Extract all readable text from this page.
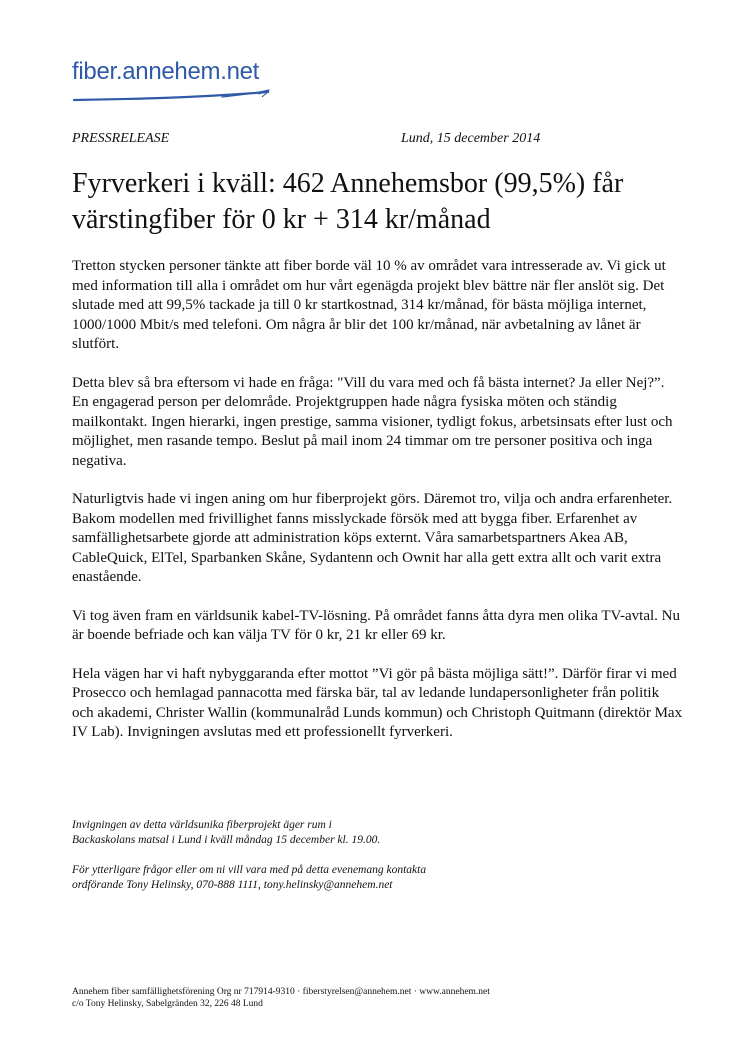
fiber.annehem.net
PRESSRELEASE	Lund, 15 december 2014
Fyrverkeri i kväll: 462 Annehemsbor (99,5%) får värstingfiber för 0 kr + 314 kr/månad

Tretton stycken personer tänkte att fiber borde väl 10 % av området vara intresserade av. Vi gick ut med information till alla i området om hur vårt egenägda projekt blev bättre när fler anslöt sig. Det slutade med att 99,5% tackade ja till 0 kr startkostnad, 314 kr/månad, för bästa möjliga internet, 1000/1000 Mbit/s med telefoni. Om några år blir det 100 kr/månad, när avbetalning av lånet är slutfört.

Detta blev så bra eftersom vi hade en fråga: "Vill du vara med och få bästa internet? Ja eller Nej?”. En engagerad person per delområde. Projektgruppen hade några fysiska möten och ständig mailkontakt. Ingen hierarki, ingen prestige, samma visioner, tydligt fokus, arbetsinsats efter lust och möjlighet, men rasande tempo. Beslut på mail inom 24 timmar om tre personer positiva och inga negativa.

Naturligtvis hade vi ingen aning om hur fiberprojekt görs. Däremot tro, vilja och andra erfarenheter. Bakom modellen med frivillighet fanns misslyckade försök med att bygga fiber. Erfarenhet av samfällighetsarbete gjorde att administration köps externt. Våra samarbetspartners Akea AB, CableQuick, ElTel, Sparbanken Skåne, Sydantenn och Ownit har alla gett extra allt och varit extra enastående.

Vi tog även fram en världsunik kabel-TV-lösning. På området fanns åtta dyra men olika TV-avtal. Nu är boende befriade och kan välja TV för 0 kr, 21 kr eller 69 kr.

Hela vägen har vi haft nybyggaranda efter mottot ”Vi gör på bästa möjliga sätt!”. Därför firar vi med Prosecco och hemlagad pannacotta med färska bär, tal av ledande lundapersonligheter från politik och akademi, Christer Wallin (kommunalråd Lunds kommun) och Christoph Quitmann (direktör Max IV Lab). Invigningen avslutas med ett professionellt fyrverkeri.

Invigningen av detta världsunika fiberprojekt äger rum i
Backaskolans matsal i Lund i kväll måndag 15 december kl. 19.00.

För ytterligare frågor eller om ni vill vara med på detta evenemang kontakta
ordförande Tony Helinsky, 070-888 1111, tony.helinsky@annehem.net

Annehem fiber samfällighetsförening Org nr 717914-9310 · fiberstyrelsen@annehem.net · www.annehem.net
c/o Tony Helinsky, Sabelgränden 32, 226 48 Lund
